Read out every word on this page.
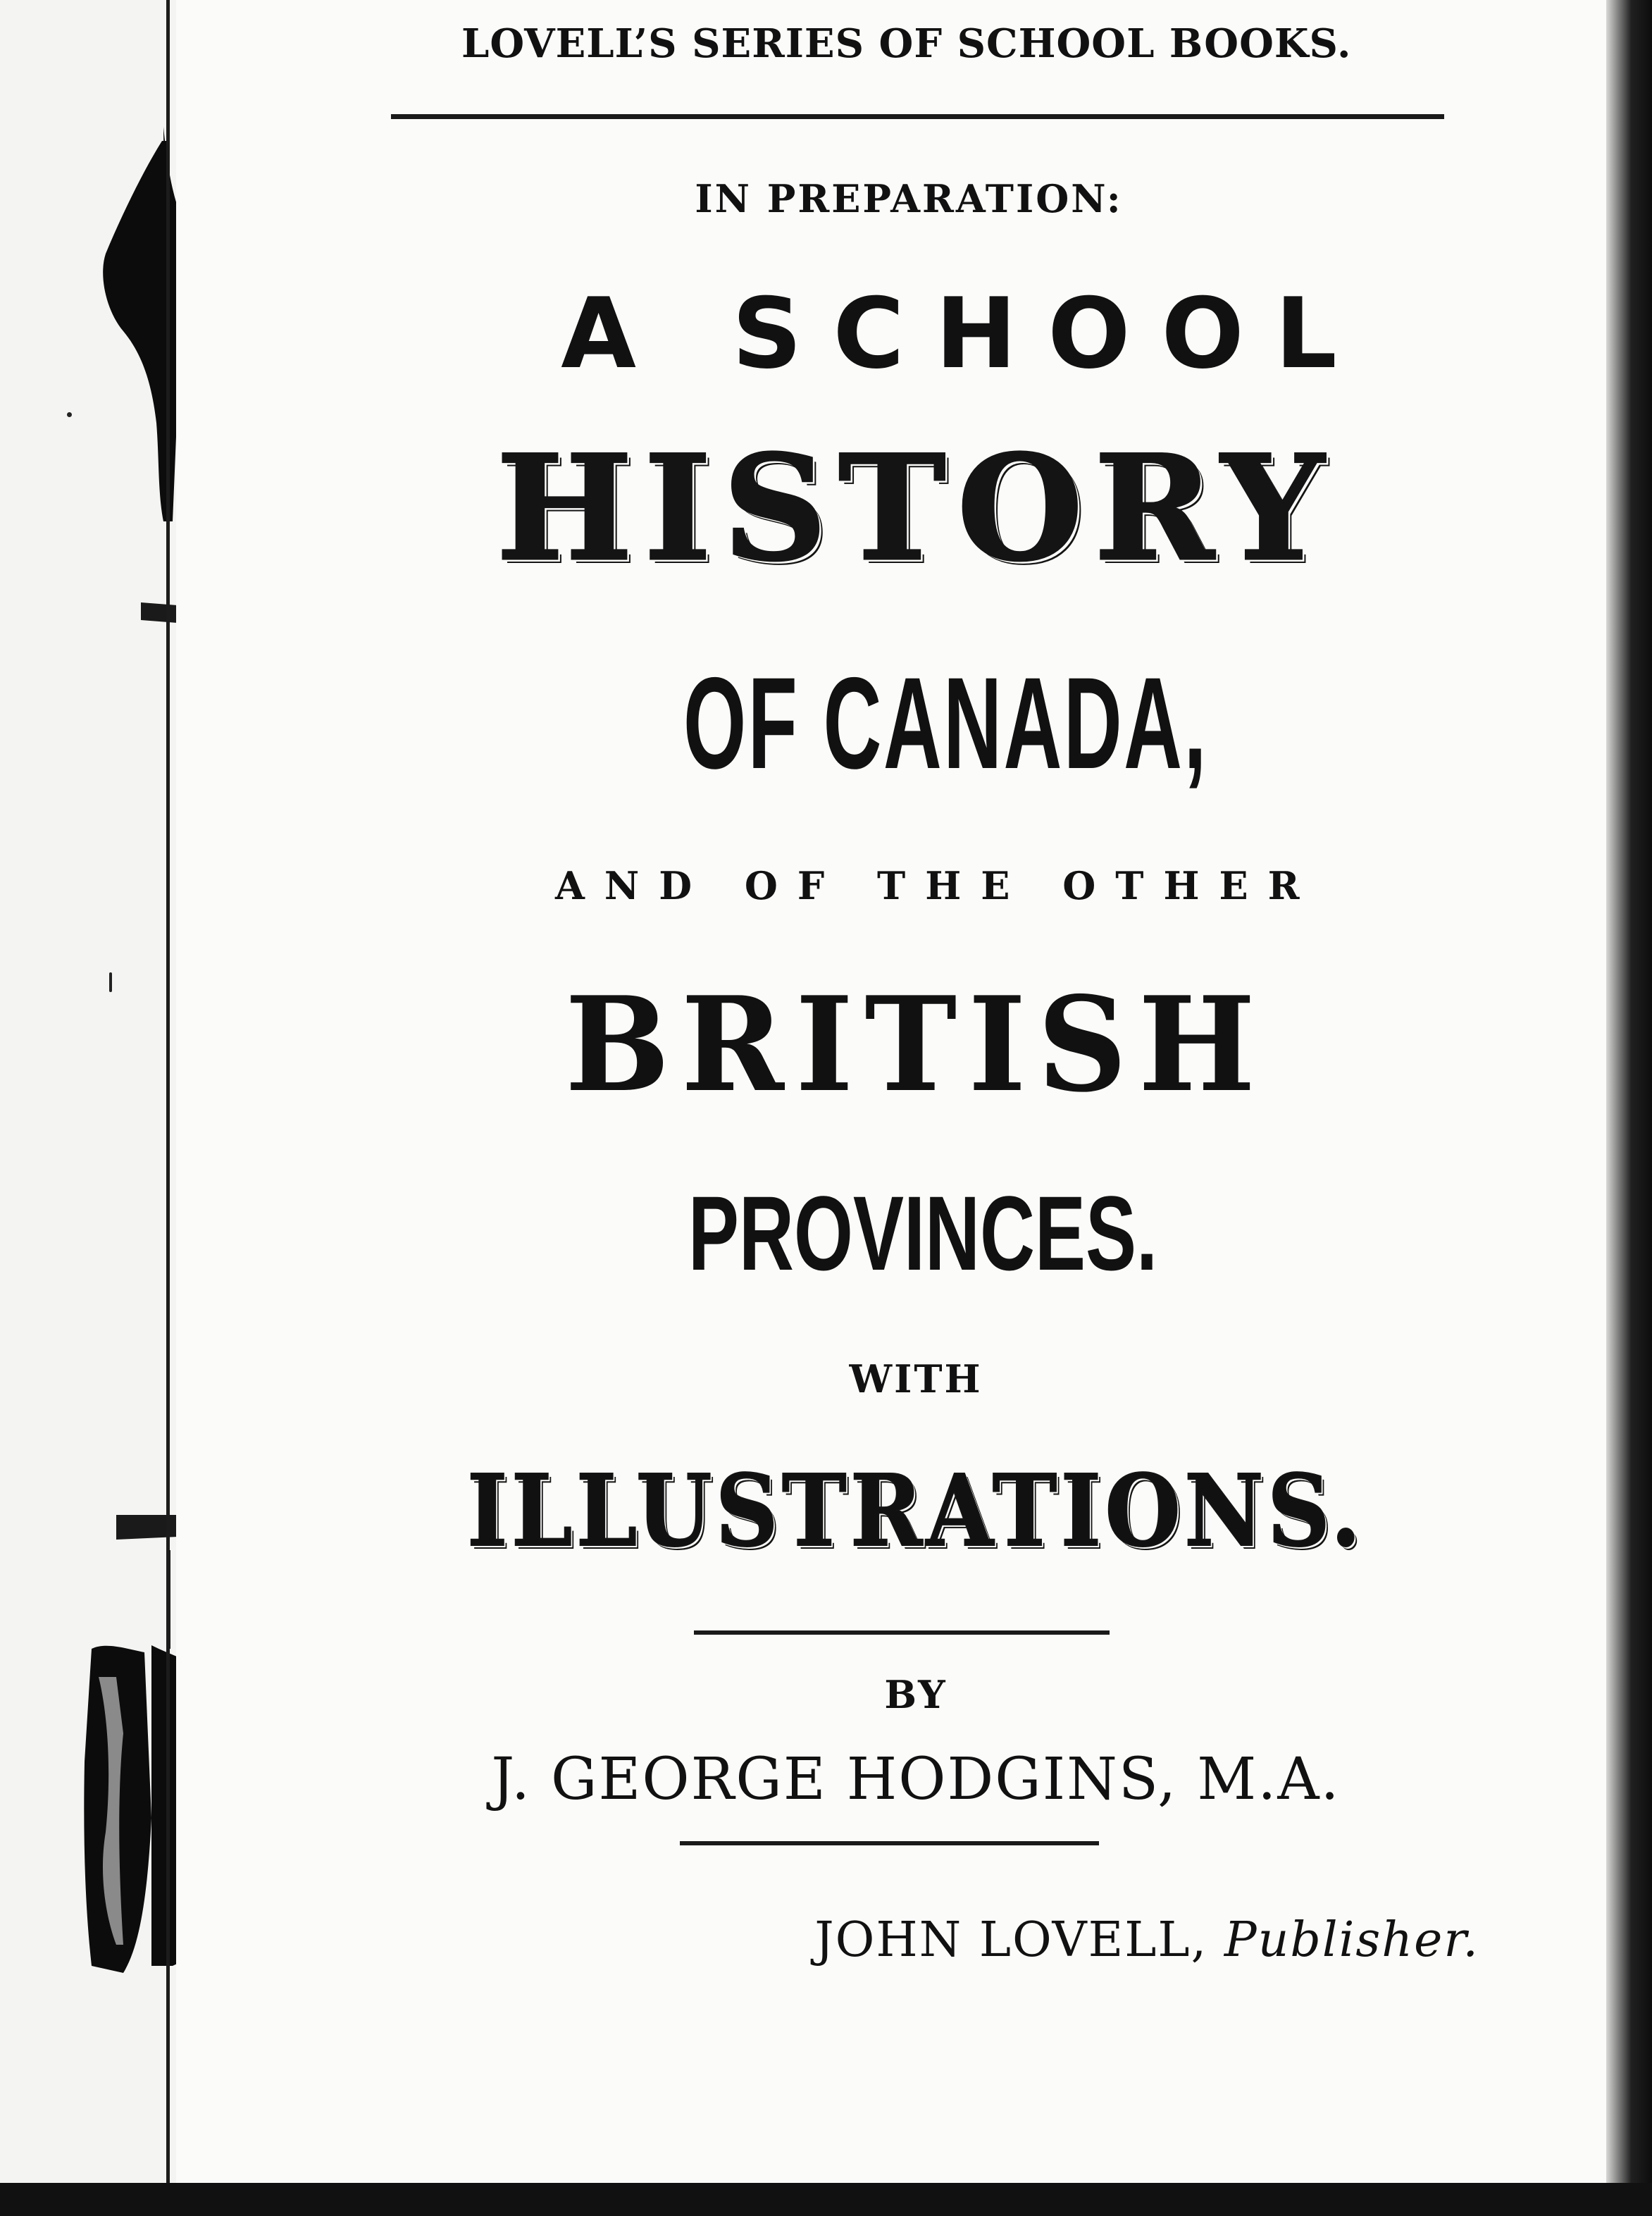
LOVELL’S SERIES OF SCHOOL BOOKS.
IN PREPARATION:
A SCHOOL
HISTORY
OF CANADA,
AND OF THE OTHER
BRITISH
PROVINCES.
WITH
ILLUSTRATIONS.
BY
J. GEORGE HODGINS, M.A.
JOHN LOVELL, Publisher.
